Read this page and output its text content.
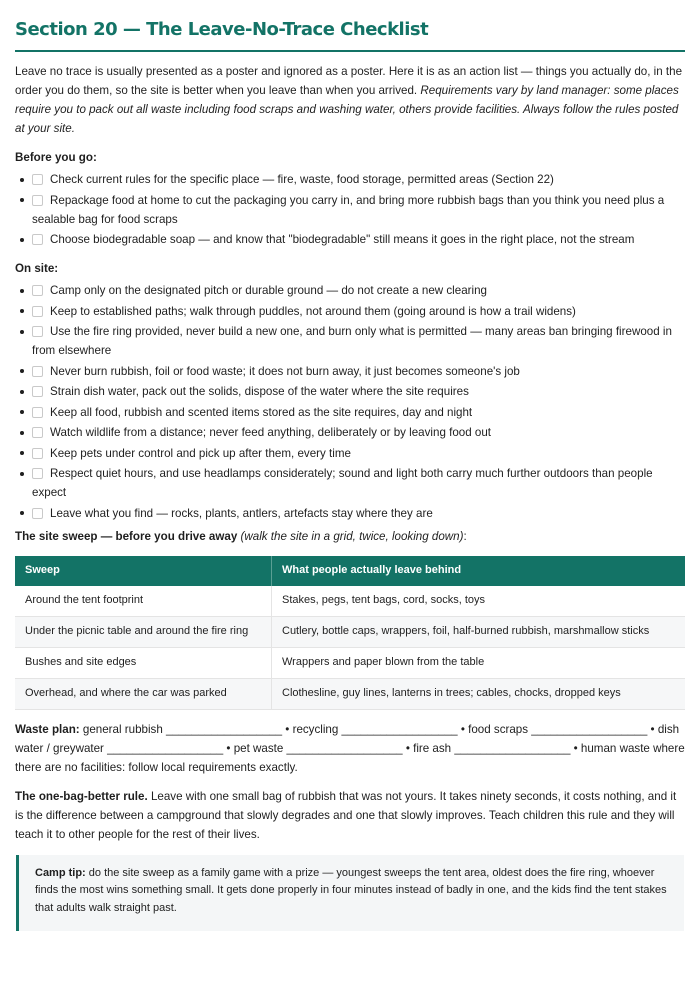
Section 20 — The Leave-No-Trace Checklist

Leave no trace is usually presented as a poster and ignored as a poster. Here it is as an action list — things you actually do, in the order you do them, so the site is better when you leave than when you arrived. Requirements vary by land manager: some places require you to pack out all waste including food scraps and washing water, others provide facilities. Always follow the rules posted at your site.

Before you go:

Check current rules for the specific place — fire, waste, food storage, permitted areas (Section 22)
Repackage food at home to cut the packaging you carry in, and bring more rubbish bags than you think you need plus a sealable bag for food scraps
Choose biodegradable soap — and know that "biodegradable" still means it goes in the right place, not the stream

On site:

Camp only on the designated pitch or durable ground — do not create a new clearing
Keep to established paths; walk through puddles, not around them (going around is how a trail widens)
Use the fire ring provided, never build a new one, and burn only what is permitted — many areas ban bringing firewood in from elsewhere
Never burn rubbish, foil or food waste; it does not burn away, it just becomes someone's job
Strain dish water, pack out the solids, dispose of the water where the site requires
Keep all food, rubbish and scented items stored as the site requires, day and night
Watch wildlife from a distance; never feed anything, deliberately or by leaving food out
Keep pets under control and pick up after them, every time
Respect quiet hours, and use headlamps considerately; sound and light both carry much further outdoors than people expect
Leave what you find — rocks, plants, antlers, artefacts stay where they are

The site sweep — before you drive away (walk the site in a grid, twice, looking down):

Sweep	What people actually leave behind
Around the tent footprint	Stakes, pegs, tent bags, cord, socks, toys
Under the picnic table and around the fire ring	Cutlery, bottle caps, wrappers, foil, half-burned rubbish, marshmallow sticks
Bushes and site edges	Wrappers and paper blown from the table
Overhead, and where the car was parked	Clothesline, guy lines, lanterns in trees; cables, chocks, dropped keys

Waste plan: general rubbish __________________ • recycling __________________ • food scraps __________________ • dish water / greywater __________________ • pet waste __________________ • fire ash __________________ • human waste where there are no facilities: follow local requirements exactly.

The one-bag-better rule. Leave with one small bag of rubbish that was not yours. It takes ninety seconds, it costs nothing, and it is the difference between a campground that slowly degrades and one that slowly improves. Teach children this rule and they will teach it to other people for the rest of their lives.

Camp tip: do the site sweep as a family game with a prize — youngest sweeps the tent area, oldest does the fire ring, whoever finds the most wins something small. It gets done properly in four minutes instead of badly in one, and the kids find the tent stakes that adults walk straight past.
